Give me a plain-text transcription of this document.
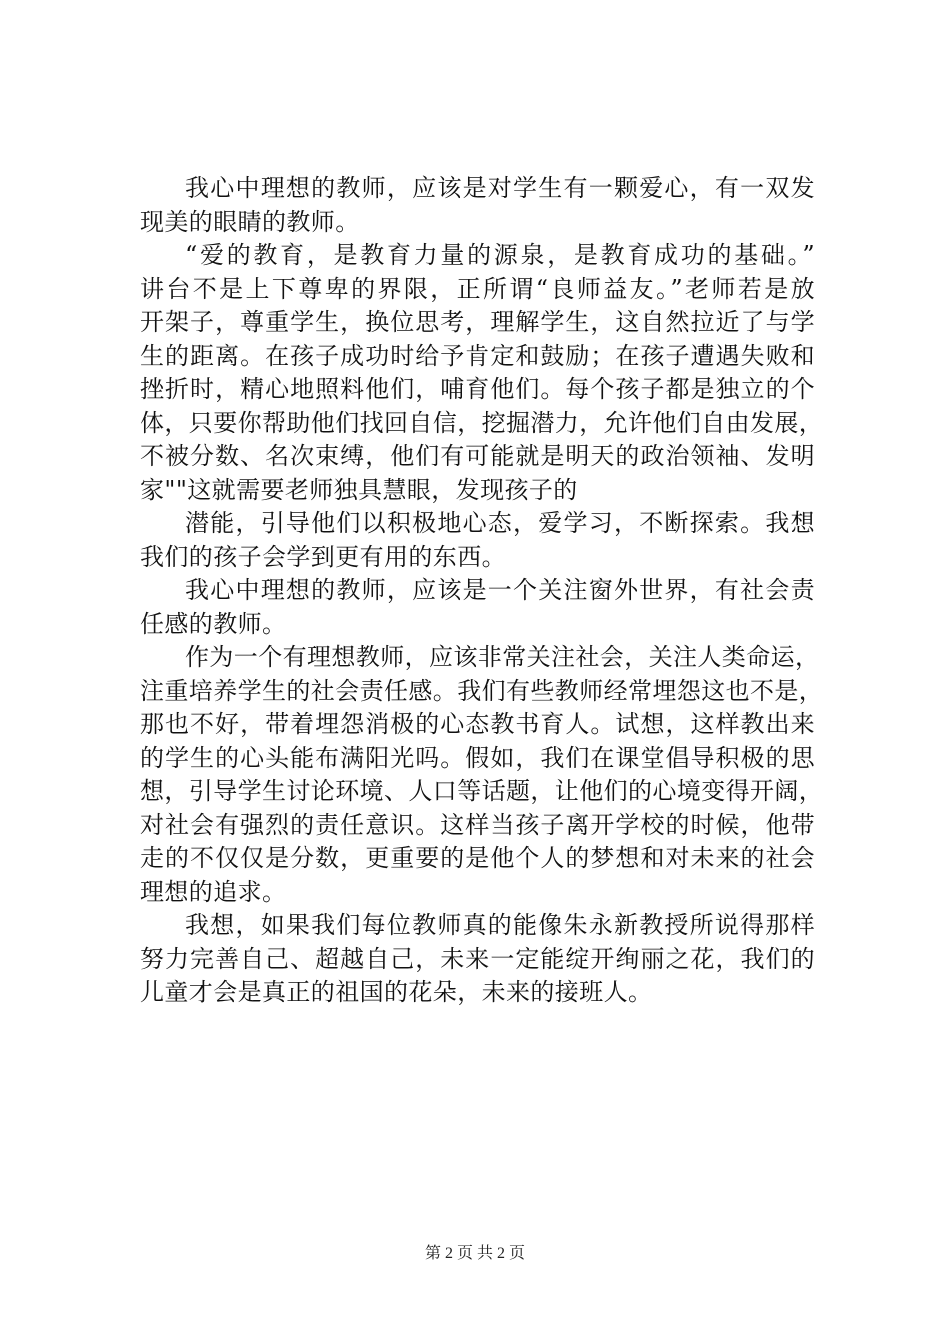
我心中理想的教师，应该是对学生有一颗爱心，有一双发
现美的眼睛的教师。
“爱的教育，是教育力量的源泉，是教育成功的基础。”
讲台不是上下尊卑的界限，正所谓“良师益友。”老师若是放
开架子，尊重学生，换位思考，理解学生，这自然拉近了与学
生的距离。在孩子成功时给予肯定和鼓励；在孩子遭遇失败和
挫折时，精心地照料他们，哺育他们。每个孩子都是独立的个
体，只要你帮助他们找回自信，挖掘潜力，允许他们自由发展，
不被分数、名次束缚，他们有可能就是明天的政治领袖、发明
家""这就需要老师独具慧眼，发现孩子的
潜能，引导他们以积极地心态，爱学习，不断探索。我想
我们的孩子会学到更有用的东西。
我心中理想的教师，应该是一个关注窗外世界，有社会责
任感的教师。
作为一个有理想教师，应该非常关注社会，关注人类命运，
注重培养学生的社会责任感。我们有些教师经常埋怨这也不是，
那也不好，带着埋怨消极的心态教书育人。试想，这样教出来
的学生的心头能布满阳光吗。假如，我们在课堂倡导积极的思
想，引导学生讨论环境、人口等话题，让他们的心境变得开阔，
对社会有强烈的责任意识。这样当孩子离开学校的时候，他带
走的不仅仅是分数，更重要的是他个人的梦想和对未来的社会
理想的追求。
我想，如果我们每位教师真的能像朱永新教授所说得那样
努力完善自己、超越自己，未来一定能绽开绚丽之花，我们的
儿童才会是真正的祖国的花朵，未来的接班人。
第 2 页 共 2 页
